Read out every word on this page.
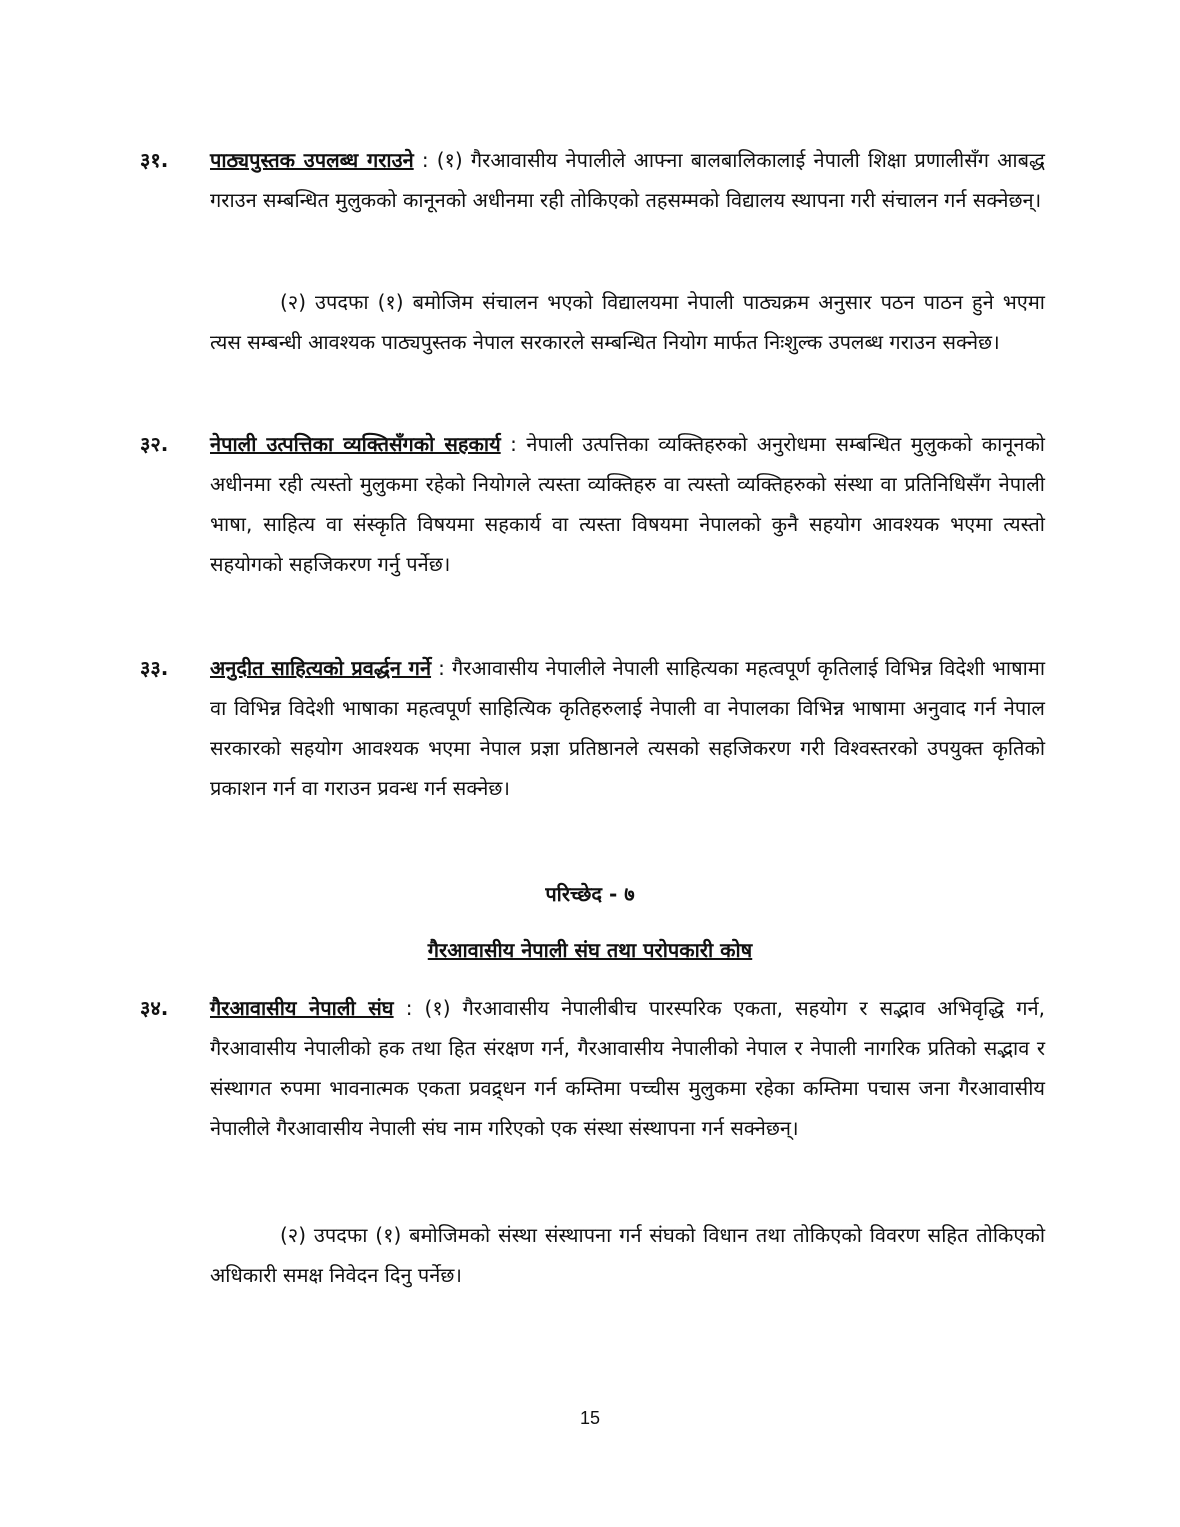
३१. पाठ्यपुस्तक उपलब्ध गराउने : (१) गैरआवासीय नेपालीले आफ्ना बालबालिकालाई नेपाली शिक्षा प्रणालीसँग आबद्ध गराउन सम्बन्धित मुलुकको कानूनको अधीनमा रही तोकिएको तहसम्मको विद्यालय स्थापना गरी संचालन गर्न सक्नेछन्।
(२) उपदफा (१) बमोजिम संचालन भएको विद्यालयमा नेपाली पाठ्यक्रम अनुसार पठन पाठन हुने भएमा त्यस सम्बन्धी आवश्यक पाठ्यपुस्तक नेपाल सरकारले सम्बन्धित नियोग मार्फत निःशुल्क उपलब्ध गराउन सक्नेछ।
३२. नेपाली उत्पत्तिका व्यक्तिसँगको सहकार्य : नेपाली उत्पत्तिका व्यक्तिहरुको अनुरोधमा सम्बन्धित मुलुकको कानूनको अधीनमा रही त्यस्तो मुलुकमा रहेको नियोगले त्यस्ता व्यक्तिहरु वा त्यस्तो व्यक्तिहरुको संस्था वा प्रतिनिधिसँग नेपाली भाषा, साहित्य वा संस्कृति विषयमा सहकार्य वा त्यस्ता विषयमा नेपालको कुनै सहयोग आवश्यक भएमा त्यस्तो सहयोगको सहजिकरण गर्नु पर्नेछ।
३३. अनुदीत साहित्यको प्रवर्द्धन गर्ने : गैरआवासीय नेपालीले नेपाली साहित्यका महत्वपूर्ण कृतिलाई विभिन्न विदेशी भाषामा वा विभिन्न विदेशी भाषाका महत्वपूर्ण साहित्यिक कृतिहरुलाई नेपाली वा नेपालका विभिन्न भाषामा अनुवाद गर्न नेपाल सरकारको सहयोग आवश्यक भएमा नेपाल प्रज्ञा प्रतिष्ठानले त्यसको सहजिकरण गरी विश्वस्तरको उपयुक्त कृतिको प्रकाशन गर्न वा गराउन प्रवन्ध गर्न सक्नेछ।
परिच्छेद - ७
गैरआवासीय नेपाली संघ तथा परोपकारी कोष
३४. गैरआवासीय नेपाली संघ : (१) गैरआवासीय नेपालीबीच पारस्परिक एकता, सहयोग र सद्भाव अभिवृद्धि गर्न, गैरआवासीय नेपालीको हक तथा हित संरक्षण गर्न, गैरआवासीय नेपालीको नेपाल र नेपाली नागरिक प्रतिको सद्भाव र संस्थागत रुपमा भावनात्मक एकता प्रवद्र्धन गर्न कम्तिमा पच्चीस मुलुकमा रहेका कम्तिमा पचास जना गैरआवासीय नेपालीले गैरआवासीय नेपाली संघ नाम गरिएको एक संस्था संस्थापना गर्न सक्नेछन्।
(२) उपदफा (१) बमोजिमको संस्था संस्थापना गर्न संघको विधान तथा तोकिएको विवरण सहित तोकिएको अधिकारी समक्ष निवेदन दिनु पर्नेछ।
15
